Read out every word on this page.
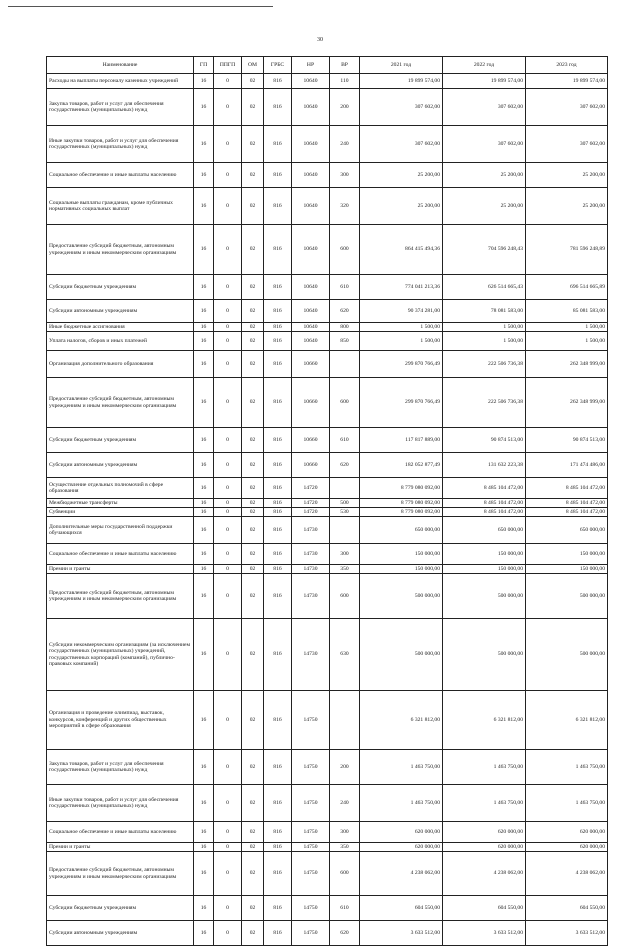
30
Наименование	ГП	ППГП	ОМ	ГРБС	НР	ВР	2021 год	2022 год	2023 год
Расходы на выплаты персоналу казенных учреждений	16	0	02	816	10640	110	19 899 574,00	19 899 574,00	19 899 574,00
Закупка товаров, работ и услуг для обеспечения государственных (муниципальных) нужд	16	0	02	816	10640	200	307 602,00	307 602,00	307 602,00
Иные закупки товаров, работ и услуг для обеспечения государственных (муниципальных) нужд	16	0	02	816	10640	240	307 602,00	307 602,00	307 602,00
Социальное обеспечение и иные выплаты населению	16	0	02	816	10640	300	25 200,00	25 200,00	25 200,00
Социальные выплаты гражданам, кроме публичных нормативных социальных выплат	16	0	02	816	10640	320	25 200,00	25 200,00	25 200,00
Предоставление субсидий бюджетным, автономным учреждениям и иным некоммерческим организациям	16	0	02	816	10640	600	864 415 494,36	704 596 248,43	781 596 248,89
Субсидии бюджетным учреждениям	16	0	02	816	10640	610	774 041 213,36	626 514 665,43	696 514 665,89
Субсидии автономным учреждениям	16	0	02	816	10640	620	90 374 281,00	78 081 583,00	85 081 583,00
Иные бюджетные ассигнования	16	0	02	816	10640	800	1 500,00	1 500,00	1 500,00
Уплата налогов, сборов и иных платежей	16	0	02	816	10640	850	1 500,00	1 500,00	1 500,00
Организация дополнительного образования	16	0	02	816	10660		299 870 766,49	222 506 736,38	262 348 999,00
Предоставление субсидий бюджетным, автономным учреждениям и иным некоммерческим организациям	16	0	02	816	10660	600	299 870 766,49	222 506 736,38	262 348 999,00
Субсидии бюджетным учреждениям	16	0	02	816	10660	610	117 817 889,00	90 874 513,00	90 874 513,00
Субсидии автономным учреждениям	16	0	02	816	10660	620	182 052 877,49	131 632 223,38	171 474 486,00
Осуществление отдельных полномочий в сфере образования	16	0	02	816	14720		8 779 080 092,00	8 485 104 472,00	8 485 104 472,00
Межбюджетные трансферты	16	0	02	816	14720	500	8 779 080 092,00	8 485 104 472,00	8 485 104 472,00
Субвенции	16	0	02	816	14720	530	8 779 080 092,00	8 485 104 472,00	8 485 104 472,00
Дополнительные меры государственной поддержки обучающихся	16	0	02	816	14730		650 000,00	650 000,00	650 000,00
Социальное обеспечение и иные выплаты населению	16	0	02	816	14730	300	150 000,00	150 000,00	150 000,00
Премии и гранты	16	0	02	816	14730	350	150 000,00	150 000,00	150 000,00
Предоставление субсидий бюджетным, автономным учреждениям и иным некоммерческим организациям	16	0	02	816	14730	600	500 000,00	500 000,00	500 000,00
Субсидии некоммерческим организациям (за исключением государственных (муниципальных) учреждений, государственных корпораций (компаний), публично-правовых компаний)	16	0	02	816	14730	630	500 000,00	500 000,00	500 000,00
Организация и проведение олимпиад, выставок, конкурсов, конференций и других общественных мероприятий в сфере образования	16	0	02	816	14750		6 321 812,00	6 321 812,00	6 321 812,00
Закупка товаров, работ и услуг для обеспечения государственных (муниципальных) нужд	16	0	02	816	14750	200	1 463 750,00	1 463 750,00	1 463 750,00
Иные закупки товаров, работ и услуг для обеспечения государственных (муниципальных) нужд	16	0	02	816	14750	240	1 463 750,00	1 463 750,00	1 463 750,00
Социальное обеспечение и иные выплаты населению	16	0	02	816	14750	300	620 000,00	620 000,00	620 000,00
Премии и гранты	16	0	02	816	14750	350	620 000,00	620 000,00	620 000,00
Предоставление субсидий бюджетным, автономным учреждениям и иным некоммерческим организациям	16	0	02	816	14750	600	4 238 062,00	4 238 062,00	4 238 062,00
Субсидии бюджетным учреждениям	16	0	02	816	14750	610	604 550,00	604 550,00	604 550,00
Субсидии автономным учреждениям	16	0	02	816	14750	620	3 633 512,00	3 633 512,00	3 633 512,00
